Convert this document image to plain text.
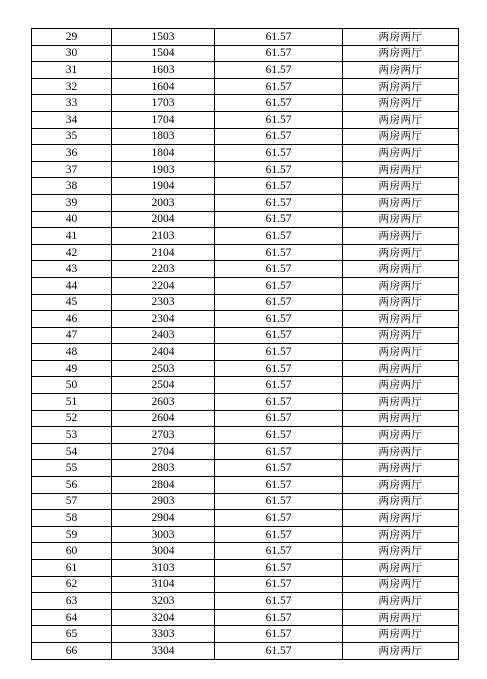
29	1503	61.57	两房两厅
30	1504	61.57	两房两厅
31	1603	61.57	两房两厅
32	1604	61.57	两房两厅
33	1703	61.57	两房两厅
34	1704	61.57	两房两厅
35	1803	61.57	两房两厅
36	1804	61.57	两房两厅
37	1903	61.57	两房两厅
38	1904	61.57	两房两厅
39	2003	61.57	两房两厅
40	2004	61.57	两房两厅
41	2103	61.57	两房两厅
42	2104	61.57	两房两厅
43	2203	61.57	两房两厅
44	2204	61.57	两房两厅
45	2303	61.57	两房两厅
46	2304	61.57	两房两厅
47	2403	61.57	两房两厅
48	2404	61.57	两房两厅
49	2503	61.57	两房两厅
50	2504	61.57	两房两厅
51	2603	61.57	两房两厅
52	2604	61.57	两房两厅
53	2703	61.57	两房两厅
54	2704	61.57	两房两厅
55	2803	61.57	两房两厅
56	2804	61.57	两房两厅
57	2903	61.57	两房两厅
58	2904	61.57	两房两厅
59	3003	61.57	两房两厅
60	3004	61.57	两房两厅
61	3103	61.57	两房两厅
62	3104	61.57	两房两厅
63	3203	61.57	两房两厅
64	3204	61.57	两房两厅
65	3303	61.57	两房两厅
66	3304	61.57	两房两厅
